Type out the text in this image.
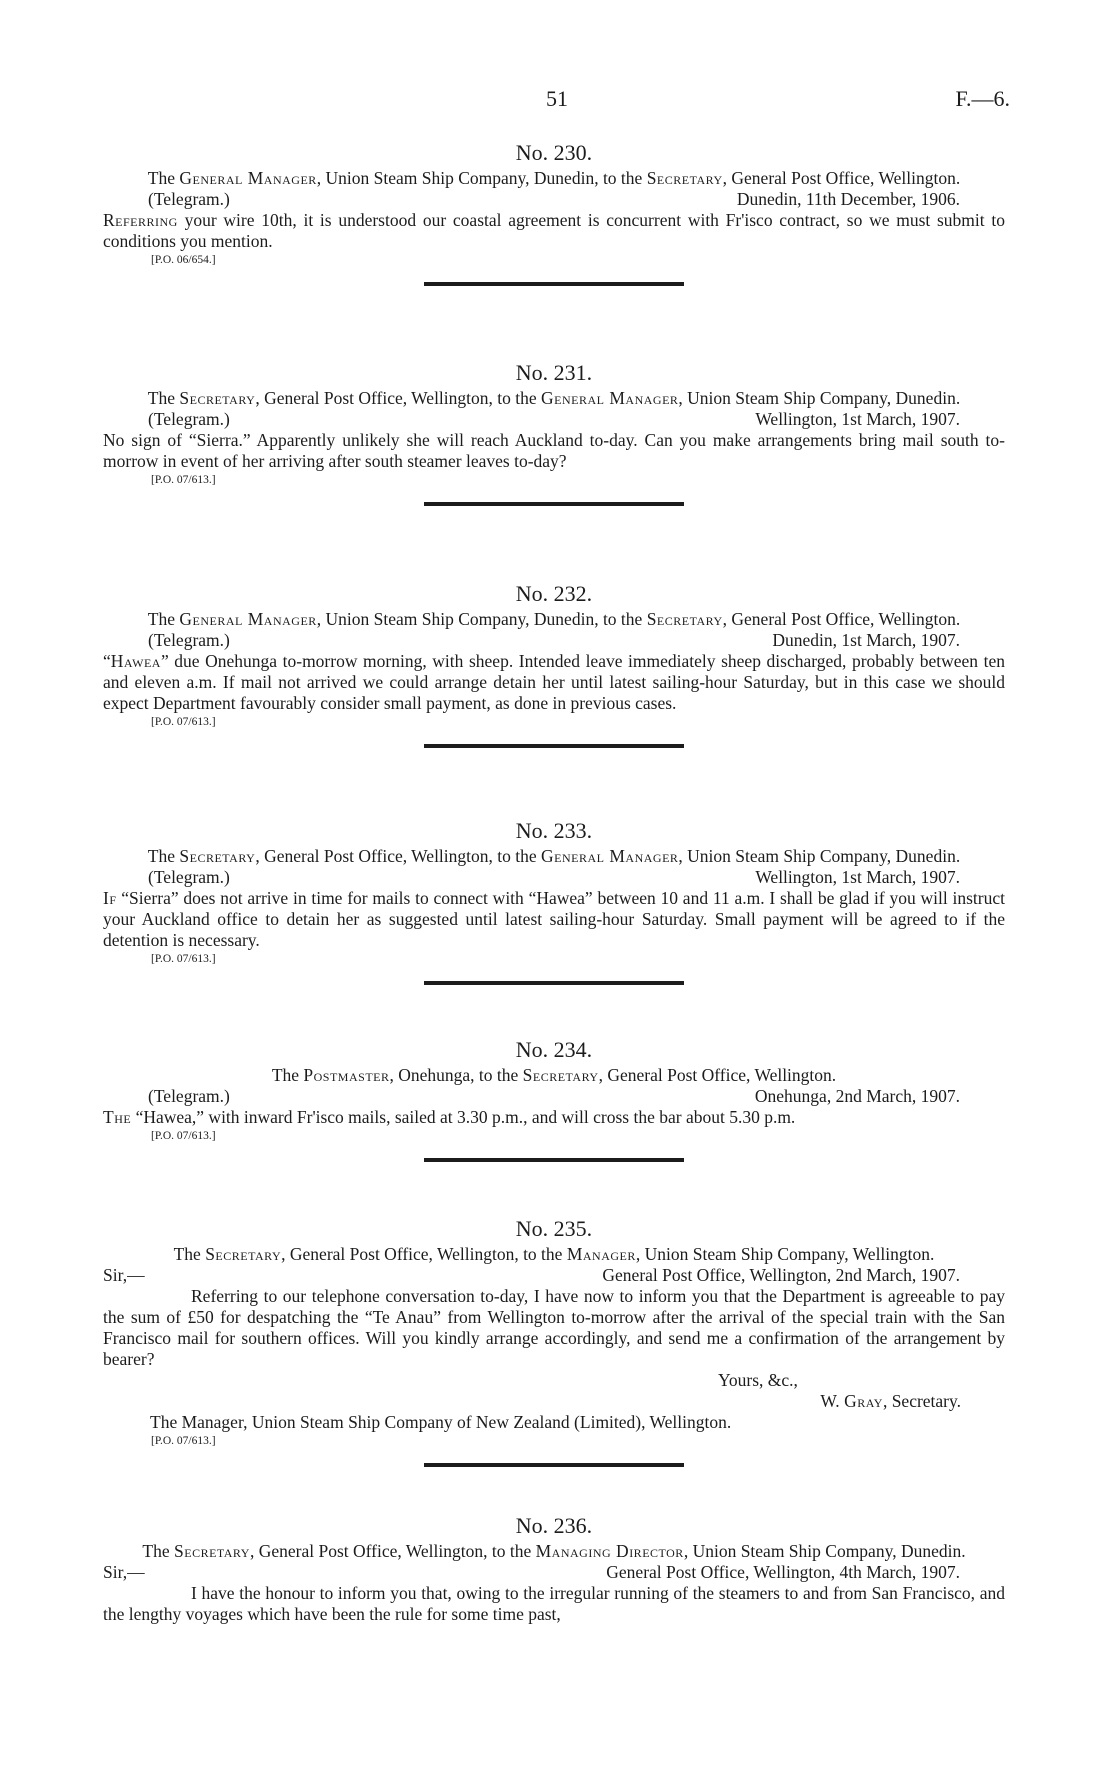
51	F.—6.
No. 230.
The General Manager, Union Steam Ship Company, Dunedin, to the Secretary, General Post Office, Wellington.
(Telegram.)	Dunedin, 11th December, 1906.
Referring your wire 10th, it is understood our coastal agreement is concurrent with Fr'isco contract, so we must submit to conditions you mention.
[P.O. 06/654.]
No. 231.
The Secretary, General Post Office, Wellington, to the General Manager, Union Steam Ship Company, Dunedin.
(Telegram.)	Wellington, 1st March, 1907.
No sign of “Sierra.” Apparently unlikely she will reach Auckland to-day. Can you make arrangements bring mail south to-morrow in event of her arriving after south steamer leaves to-day?
[P.O. 07/613.]
No. 232.
The General Manager, Union Steam Ship Company, Dunedin, to the Secretary, General Post Office, Wellington.
(Telegram.)	Dunedin, 1st March, 1907.
“Hawea” due Onehunga to-morrow morning, with sheep. Intended leave immediately sheep discharged, probably between ten and eleven a.m. If mail not arrived we could arrange detain her until latest sailing-hour Saturday, but in this case we should expect Department favourably consider small payment, as done in previous cases.
[P.O. 07/613.]
No. 233.
The Secretary, General Post Office, Wellington, to the General Manager, Union Steam Ship Company, Dunedin.
(Telegram.)	Wellington, 1st March, 1907.
If “Sierra” does not arrive in time for mails to connect with “Hawea” between 10 and 11 a.m. I shall be glad if you will instruct your Auckland office to detain her as suggested until latest sailing-hour Saturday. Small payment will be agreed to if the detention is necessary.
[P.O. 07/613.]
No. 234.
The Postmaster, Onehunga, to the Secretary, General Post Office, Wellington.
(Telegram.)	Onehunga, 2nd March, 1907.
The “Hawea,” with inward Fr'isco mails, sailed at 3.30 p.m., and will cross the bar about 5.30 p.m.
[P.O. 07/613.]
No. 235.
The Secretary, General Post Office, Wellington, to the Manager, Union Steam Ship Company, Wellington.
Sir,—	General Post Office, Wellington, 2nd March, 1907.
Referring to our telephone conversation to-day, I have now to inform you that the Department is agreeable to pay the sum of £50 for despatching the “Te Anau” from Wellington to-morrow after the arrival of the special train with the San Francisco mail for southern offices. Will you kindly arrange accordingly, and send me a confirmation of the arrangement by bearer?
Yours, &c.,
W. Gray, Secretary.
The Manager, Union Steam Ship Company of New Zealand (Limited), Wellington.
[P.O. 07/613.]
No. 236.
The Secretary, General Post Office, Wellington, to the Managing Director, Union Steam Ship Company, Dunedin.
Sir,—	General Post Office, Wellington, 4th March, 1907.
I have the honour to inform you that, owing to the irregular running of the steamers to and from San Francisco, and the lengthy voyages which have been the rule for some time past,
